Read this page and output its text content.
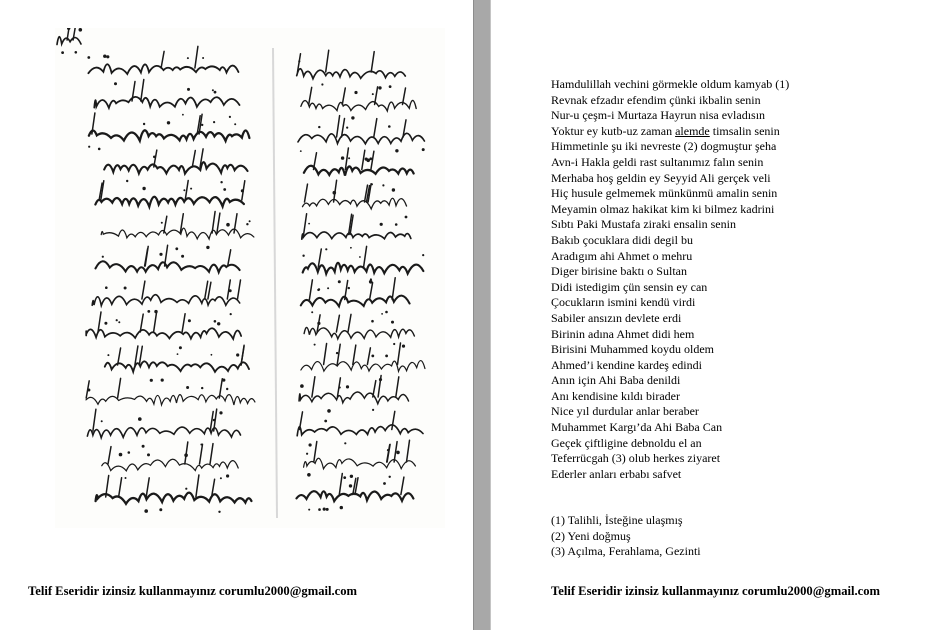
Telif Eseridir izinsiz kullanmayınız corumlu2000@gmail.com
Hamdulillah vechini görmekle oldum kamyab (1)
Revnak efzadır efendim çünki ikbalin senin
Nur-u çeşm-i Murtaza Hayrun nisa evladısın
Yoktur ey kutb-uz zaman alemde timsalin senin
Himmetinle şu iki nevreste (2) dogmuştur şeha
Avn-i Hakla geldi rast sultanımız falın senin
Merhaba hoş geldin ey Seyyid Ali gerçek veli
Hiç husule gelmemek münkünmü amalin senin
Meyamin olmaz hakikat kim ki bilmez kadrini
Sıbtı Paki Mustafa ziraki ensalin senin
Bakıb çocuklara didi degil bu
Aradıgım ahi Ahmet o mehru
Diger birisine baktı o Sultan
Didi istedigim çün sensin ey can
Çocukların ismini kendü virdi
Sabiler ansızın devlete erdi
Birinin adına Ahmet didi hem
Birisini Muhammed koydu oldem
Ahmed’i kendine kardeş edindi
Anın için Ahi Baba denildi
Anı kendisine kıldı birader
Nice yıl durdular anlar beraber
Muhammet Kargı’da Ahi Baba Can
Geçek çiftligine debnoldu el an
Teferrücgah (3) olub herkes ziyaret
Ederler anları erbabı safvet
(1) Talihli, İsteğine ulaşmış
(2) Yeni doğmuş
(3) Açılma, Ferahlama, Gezinti
Telif Eseridir izinsiz kullanmayınız corumlu2000@gmail.com
